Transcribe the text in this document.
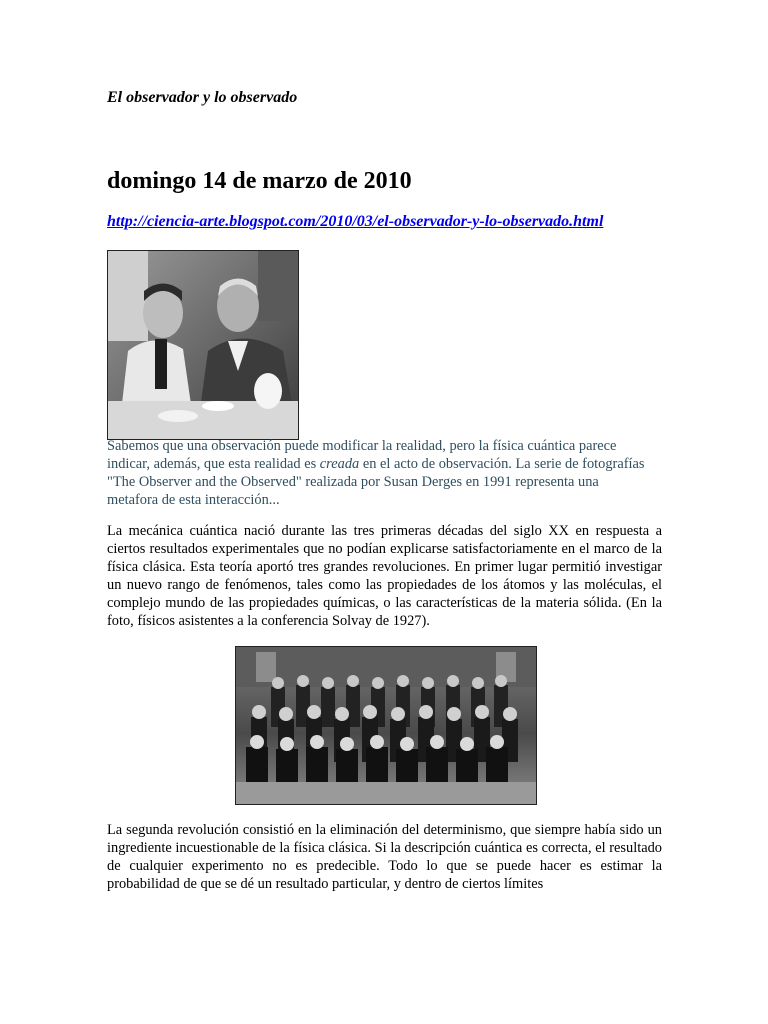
El observador y lo observado
domingo 14 de marzo de 2010
http://ciencia-arte.blogspot.com/2010/03/el-observador-y-lo-observado.html
Sabemos que una observación puede modificar la realidad, pero la física cuántica parece indicar, además, que esta realidad es creada en el acto de observación. La serie de fotografías "The Observer and the Observed" realizada por Susan Derges en 1991 representa una metafora de esta interacción...
La mecánica cuántica nació durante las tres primeras décadas del siglo XX en respuesta a ciertos resultados experimentales que no podían explicarse satisfactoriamente en el marco de la física clásica. Esta teoría aportó tres grandes revoluciones. En primer lugar permitió investigar un nuevo rango de fenómenos, tales como las propiedades de los átomos y las moléculas, el complejo mundo de las propiedades químicas, o las características de la materia sólida. (En la foto, físicos asistentes a la conferencia Solvay de 1927).
La segunda revolución consistió en la eliminación del determinismo, que siempre había sido un ingrediente incuestionable de la física clásica. Si la descripción cuántica es correcta, el resultado de cualquier experimento no es predecible. Todo lo que se puede hacer es estimar la probabilidad de que se dé un resultado particular, y dentro de ciertos límites
